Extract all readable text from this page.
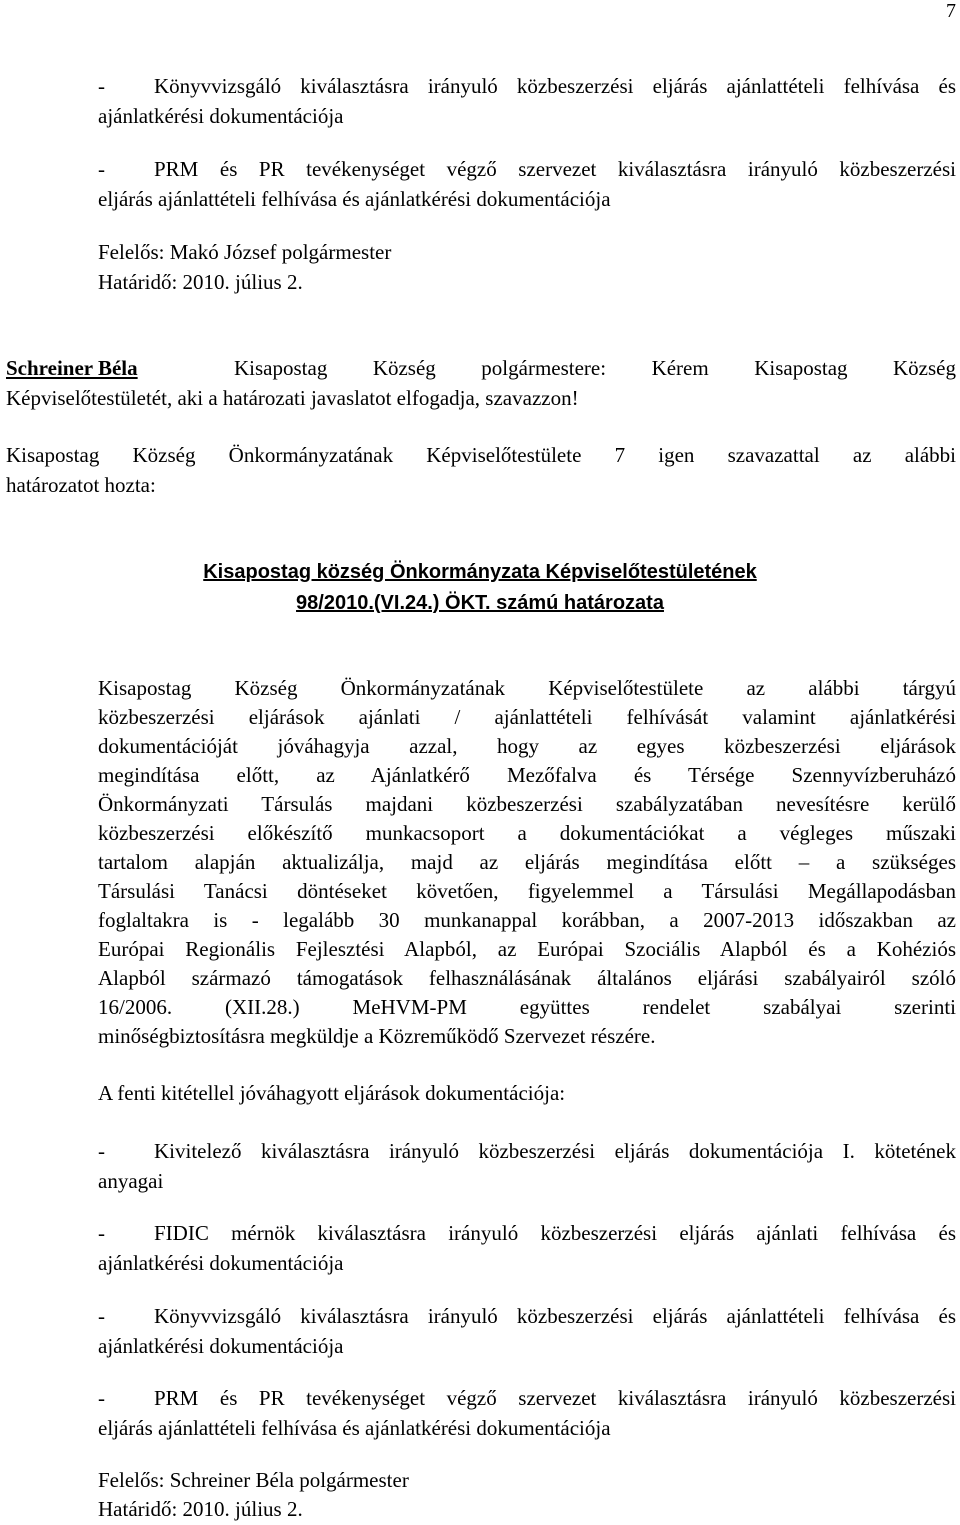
7
- Könyvvizsgáló kiválasztásra irányuló közbeszerzési eljárás ajánlattételi felhívása és
ajánlatkérési dokumentációja
- PRM és PR tevékenységet végző szervezet kiválasztásra irányuló közbeszerzési
eljárás ajánlattételi felhívása és ajánlatkérési dokumentációja
Felelős: Makó József polgármester
Határidő: 2010. július 2.
Schreiner Béla	Kisapostag Község polgármestere: Kérem Kisapostag Község
Képviselőtestületét, aki a határozati javaslatot elfogadja, szavazzon!
Kisapostag Község Önkormányzatának Képviselőtestülete 7 igen szavazattal az alábbi
határozatot hozta:
Kisapostag község Önkormányzata Képviselőtestületének
98/2010.(VI.24.) ÖKT. számú határozata
Kisapostag Község Önkormányzatának Képviselőtestülete az alábbi tárgyú
közbeszerzési eljárások ajánlati / ajánlattételi felhívását valamint ajánlatkérési
dokumentációját jóváhagyja azzal, hogy az egyes közbeszerzési eljárások
megindítása előtt, az Ajánlatkérő Mezőfalva és Térsége Szennyvízberuházó
Önkormányzati Társulás majdani közbeszerzési szabályzatában nevesítésre kerülő
közbeszerzési előkészítő munkacsoport a dokumentációkat a végleges műszaki
tartalom alapján aktualizálja, majd az eljárás megindítása előtt – a szükséges
Társulási Tanácsi döntéseket követően, figyelemmel a Társulási Megállapodásban
foglaltakra is - legalább 30 munkanappal korábban, a 2007-2013 időszakban az
Európai Regionális Fejlesztési Alapból, az Európai Szociális Alapból és a Kohéziós
Alapból származó támogatások felhasználásának általános eljárási szabályairól szóló
16/2006. (XII.28.) MeHVM-PM együttes rendelet szabályai szerinti
minőségbiztosításra megküldje a Közreműködő Szervezet részére.
A fenti kitétellel jóváhagyott eljárások dokumentációja:
- Kivitelező kiválasztásra irányuló közbeszerzési eljárás dokumentációja I. kötetének
anyagai
- FIDIC mérnök kiválasztásra irányuló közbeszerzési eljárás ajánlati felhívása és
ajánlatkérési dokumentációja
- Könyvvizsgáló kiválasztásra irányuló közbeszerzési eljárás ajánlattételi felhívása és
ajánlatkérési dokumentációja
- PRM és PR tevékenységet végző szervezet kiválasztásra irányuló közbeszerzési
eljárás ajánlattételi felhívása és ajánlatkérési dokumentációja
Felelős: Schreiner Béla polgármester
Határidő: 2010. július 2.
